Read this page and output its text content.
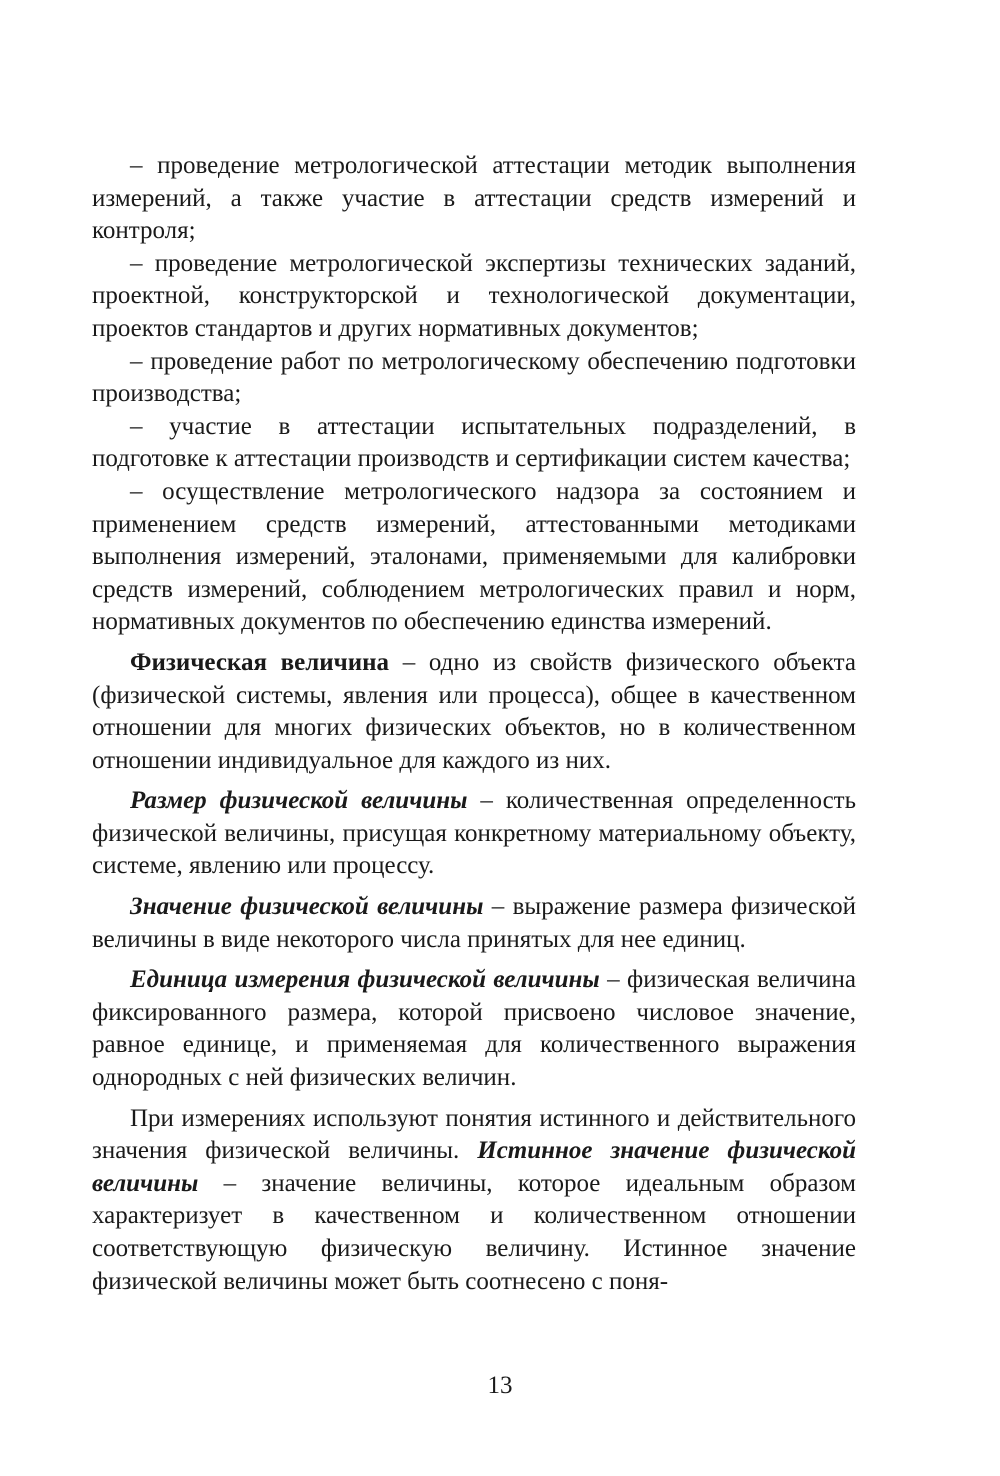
– проведение метрологической аттестации методик выполнения измерений, а также участие в аттестации средств измерений и контроля;

– проведение метрологической экспертизы технических заданий, проектной, конструкторской и технологической документации, проектов стандартов и других нормативных документов;

– проведение работ по метрологическому обеспечению подготовки производства;

– участие в аттестации испытательных подразделений, в подготовке к аттестации производств и сертификации систем качества;

– осуществление метрологического надзора за состоянием и применением средств измерений, аттестованными методиками выполнения измерений, эталонами, применяемыми для калибровки средств измерений, соблюдением метрологических правил и норм, нормативных документов по обеспечению единства измерений.

Физическая величина – одно из свойств физического объекта (физической системы, явления или процесса), общее в качественном отношении для многих физических объектов, но в количественном отношении индивидуальное для каждого из них.

Размер физической величины – количественная определенность физической величины, присущая конкретному материальному объекту, системе, явлению или процессу.

Значение физической величины – выражение размера физической величины в виде некоторого числа принятых для нее единиц.

Единица измерения физической величины – физическая величина фиксированного размера, которой присвоено числовое значение, равное единице, и применяемая для количественного выражения однородных с ней физических величин.

При измерениях используют понятия истинного и действительного значения физической величины. Истинное значение физической величины – значение величины, которое идеальным образом характеризует в качественном и количественном отношении соответствующую физическую величину. Истинное значение физической величины может быть соотнесено с поня-

13
